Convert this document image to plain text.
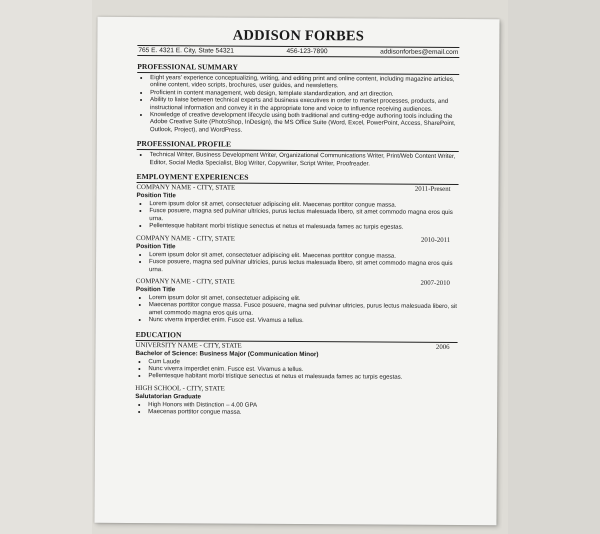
ADDISON FORBES
765 E. 4321 E. City, State 54321	456-123-7890	addisonforbes@email.com
PROFESSIONAL SUMMARY
• Eight years' experience conceptualizing, writing, and editing print and online content, including magazine articles, online content, video scripts, brochures, user guides, and newsletters.
• Proficient in content management, web design, template standardization, and art direction.
• Ability to liaise between technical experts and business executives in order to market processes, products, and instructional information and convey it in the appropriate tone and voice to influence receiving audiences.
• Knowledge of creative development lifecycle using both traditional and cutting-edge authoring tools including the Adobe Creative Suite (PhotoShop, InDesign), the MS Office Suite (Word, Excel, PowerPoint, Access, SharePoint, Outlook, Project), and WordPress.
PROFESSIONAL PROFILE
• Technical Writer, Business Development Writer, Organizational Communications Writer, Print/Web Content Writer, Editor, Social Media Specialist, Blog Writer, Copywriter, Script Writer, Proofreader.
EMPLOYMENT EXPERIENCES
COMPANY NAME - CITY, STATE	2011-Present
Position Title
• Lorem ipsum dolor sit amet, consectetuer adipiscing elit. Maecenas porttitor congue massa.
• Fusce posuere, magna sed pulvinar ultricies, purus lectus malesuada libero, sit amet commodo magna eros quis urna.
• Pellentesque habitant morbi tristique senectus et netus et malesuada fames ac turpis egestas.
COMPANY NAME - CITY, STATE	2010-2011
Position Title
• Lorem ipsum dolor sit amet, consectetuer adipiscing elit. Maecenas porttitor congue massa.
• Fusce posuere, magna sed pulvinar ultricies, purus lectus malesuada libero, sit amet commodo magna eros quis urna.
COMPANY NAME - CITY, STATE	2007-2010
Position Title
• Lorem ipsum dolor sit amet, consectetuer adipiscing elit.
• Maecenas porttitor congue massa. Fusce posuere, magna sed pulvinar ultricies, purus lectus malesuada libero, sit amet commodo magna eros quis urna.
• Nunc viverra imperdiet enim. Fusce est. Vivamus a tellus.
EDUCATION
UNIVERSITY NAME - CITY, STATE	2006
Bachelor of Science: Business Major (Communication Minor)
• Cum Laude
• Nunc viverra imperdiet enim. Fusce est. Vivamus a tellus.
• Pellentesque habitant morbi tristique senectus et netus et malesuada fames ac turpis egestas.
HIGH SCHOOL - CITY, STATE
Salutatorian Graduate
• High Honors with Distinction – 4.00 GPA
• Maecenas porttitor congue massa.
